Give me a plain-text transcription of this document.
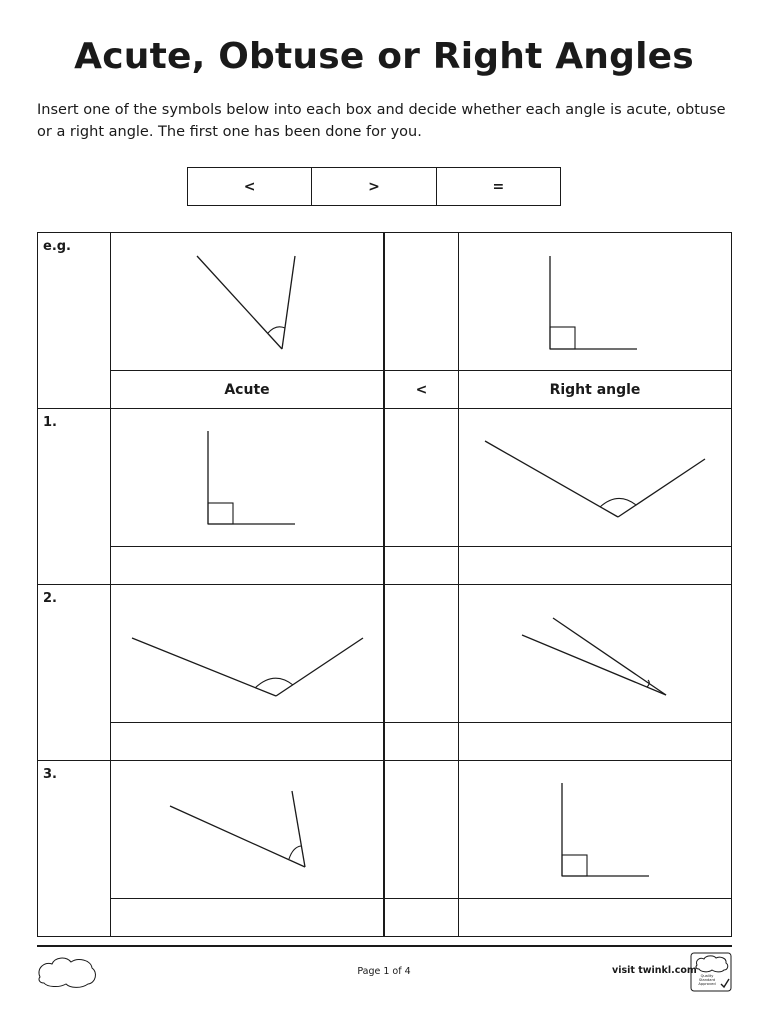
Acute, Obtuse or Right Angles
Insert one of the symbols below into each box and decide whether each angle is acute, obtuse or a right angle. The first one has been done for you.
<	>	=
e.g.
Acute	<	Right angle
1.
2.
3.
twinkl	Page 1 of 4	visit twinkl.com twinkl
Quality Standard Approved
